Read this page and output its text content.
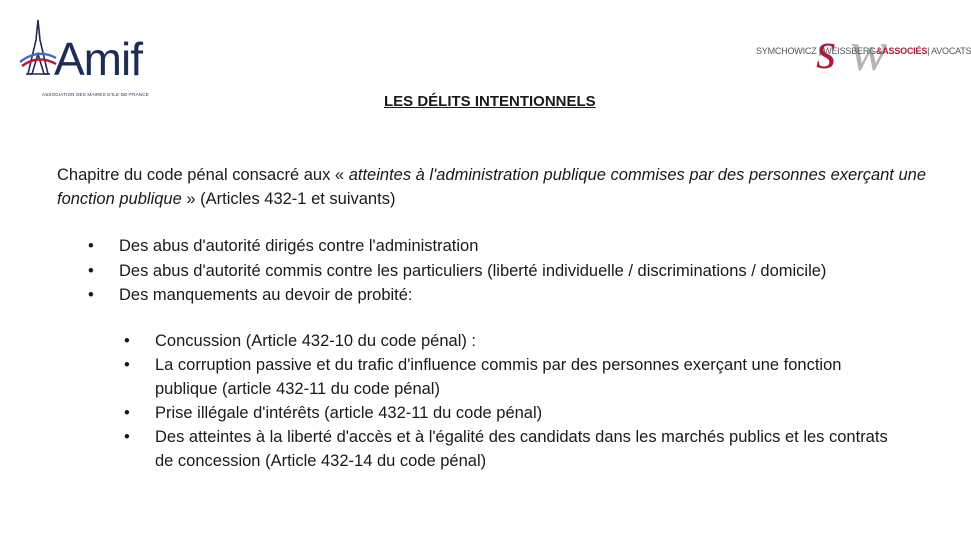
Amif
ASSOCIATION DES MAIRES D'ILE-DE-FRANCE
s w
SYMCHOWICZ | WEISSBERG&ASSOCIÉS| AVOCATS
LES DÉLITS INTENTIONNELS
Chapitre du code pénal consacré aux « atteintes à l'administration publique commises par des personnes exerçant une fonction publique » (Articles 432-1 et suivants)
• Des abus d'autorité dirigés contre l'administration
• Des abus d'autorité commis contre les particuliers (liberté individuelle / discriminations / domicile)
• Des manquements au devoir de probité:
• Concussion (Article 432-10 du code pénal) :
• La corruption passive et du trafic d'influence commis par des personnes exerçant une fonction publique (article 432-11 du code pénal)
• Prise illégale d'intérêts (article 432-11 du code pénal)
• Des atteintes à la liberté d'accès et à l'égalité des candidats dans les marchés publics et les contrats de concession (Article 432-14 du code pénal)
